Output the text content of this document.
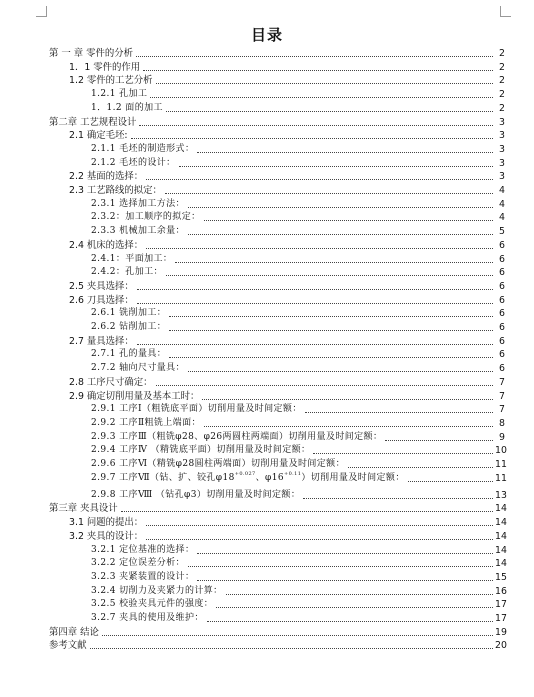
目录
第 一 章 零件的分析	2
1．1 零件的作用	2
1.2 零件的工艺分析	2
1.2.1 孔加工	2
1．1.2 面的加工	2
第二章 工艺规程设计	3
2.1 确定毛坯:	3
2.1.1 毛坯的制造形式：	3
2.1.2 毛坯的设计：	3
2.2 基面的选择：	3
2.3 工艺路线的拟定：	4
2.3.1 选择加工方法：	4
2.3.2：加工顺序的拟定：	4
2.3.3 机械加工余量：	5
2.4 机床的选择：	6
2.4.1：平面加工：	6
2.4.2：孔加工：	6
2.5 夹具选择：	6
2.6 刀具选择：	6
2.6.1 铣削加工：	6
2.6.2 钻削加工：	6
2.7 量具选择：	6
2.7.1 孔的量具：	6
2.7.2 轴向尺寸量具：	6
2.8 工序尺寸确定：	7
2.9 确定切削用量及基本工时：	7
2.9.1 工序Ⅰ（粗铣底平面）切削用量及时间定额：	7
2.9.2 工序Ⅱ粗铣上端面：	8
2.9.3 工序Ⅲ（粗铣φ28、φ26两圆柱两端面）切削用量及时间定额：	9
2.9.4 工序Ⅳ （精铣底平面）切削用量及时间定额：	10
2.9.6 工序Ⅵ（精铣φ28圆柱两端面）切削用量及时间定额：	11
2.9.7 工序Ⅶ（钻、扩、铰孔$\varphi 18^{+0.027}$、$\varphi 16^{+0.11}$）切削用量及时间定额：	11
2.9.8 工序Ⅷ （钻孔φ3）切削用量及时间定额：	13
第三章 夹具设计	14
3.1 问题的提出：	14
3.2 夹具的设计：	14
3.2.1 定位基准的选择：	14
3.2.2 定位误差分析：	14
3.2.3 夹紧装置的设计：	15
3.2.4 切削力及夹紧力的计算：	16
3.2.5 校验夹具元件的强度：	17
3.2.7 夹具的使用及维护：	17
第四章 结论	19
参考文献	20
